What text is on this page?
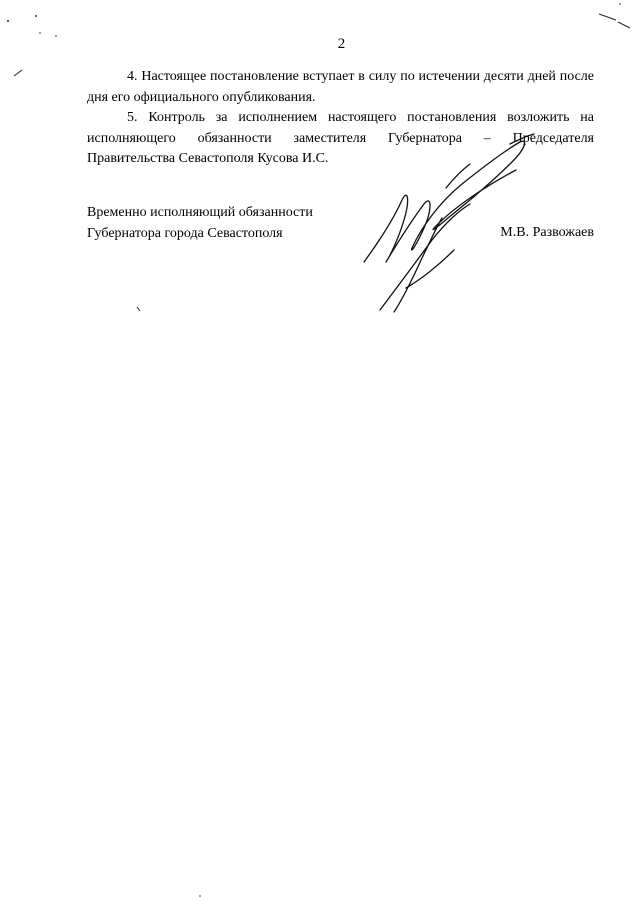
2

4. Настоящее постановление вступает в силу по истечении десяти дней после дня его официального опубликования.

5. Контроль за исполнением настоящего постановления возложить на исполняющего обязанности заместителя Губернатора – Председателя Правительства Севастополя Кусова И.С.

Временно исполняющий обязанности
Губернатора города Севастополя	М.В. Развожаев
